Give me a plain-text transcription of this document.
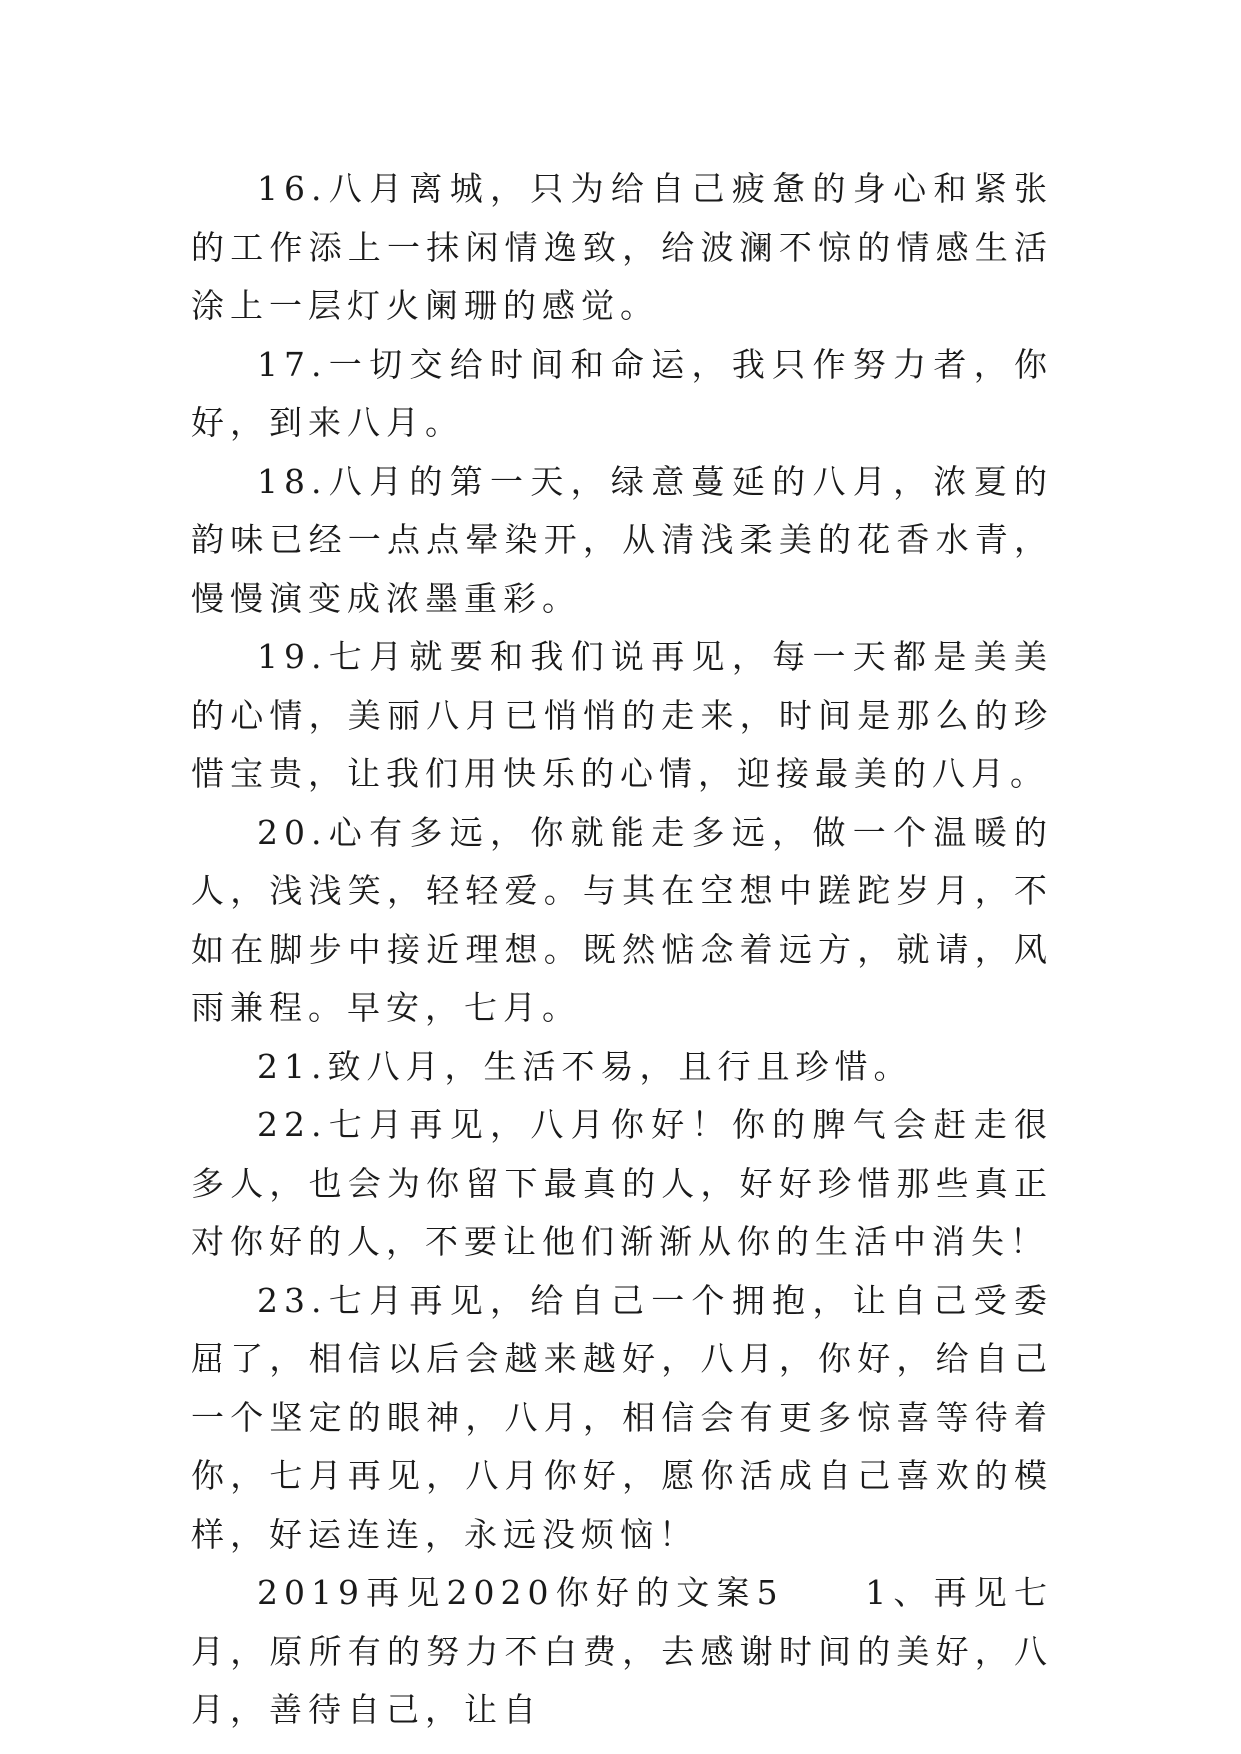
16.八月离城，只为给自己疲惫的身心和紧张的工作添上一抹闲情逸致，给波澜不惊的情感生活涂上一层灯火阑珊的感觉。

17.一切交给时间和命运，我只作努力者，你好，到来八月。

18.八月的第一天，绿意蔓延的八月，浓夏的韵味已经一点点晕染开，从清浅柔美的花香水青，慢慢演变成浓墨重彩。

19.七月就要和我们说再见，每一天都是美美的心情，美丽八月已悄悄的走来，时间是那么的珍惜宝贵，让我们用快乐的心情，迎接最美的八月。

20.心有多远，你就能走多远，做一个温暖的人，浅浅笑，轻轻爱。与其在空想中蹉跎岁月，不如在脚步中接近理想。既然惦念着远方，就请，风雨兼程。早安，七月。

21.致八月，生活不易，且行且珍惜。

22.七月再见，八月你好！你的脾气会赶走很多人，也会为你留下最真的人，好好珍惜那些真正对你好的人，不要让他们渐渐从你的生活中消失！

23.七月再见，给自己一个拥抱，让自己受委屈了，相信以后会越来越好，八月，你好，给自己一个坚定的眼神，八月，相信会有更多惊喜等待着你，七月再见，八月你好，愿你活成自己喜欢的模样，好运连连，永远没烦恼！

2019再见2020你好的文案5　　1、再见七月，原所有的努力不白费，去感谢时间的美好，八月，善待自己，让自
